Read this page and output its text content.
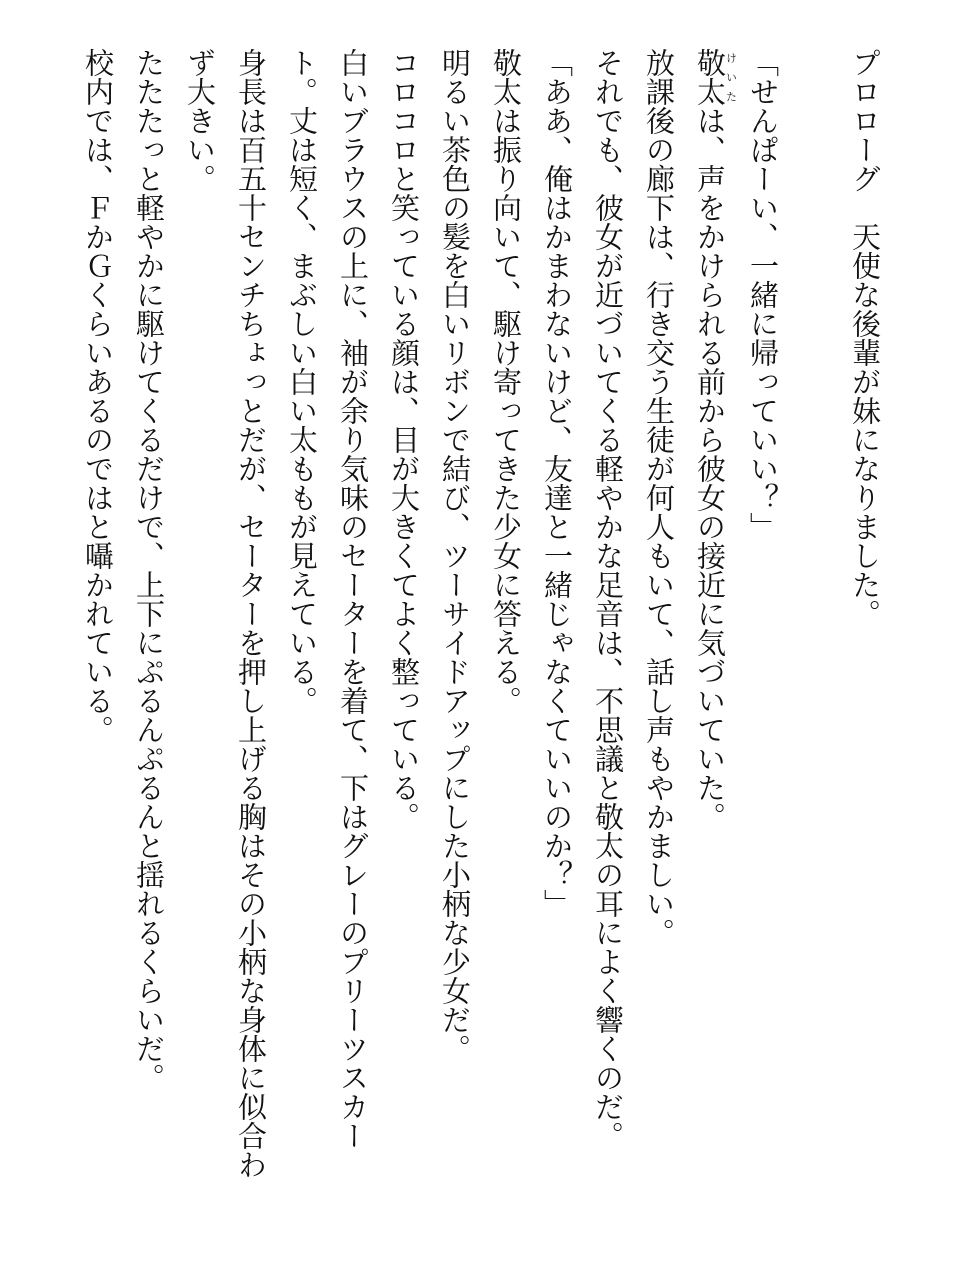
プロローグ　天使な後輩が妹になりました。
「せんぱーい、一緒に帰っていい？」
敬太けいたは、声をかけられる前から彼女の接近に気づいていた。
放課後の廊下は、行き交う生徒が何人もいて、話し声もやかましい。
それでも、彼女が近づいてくる軽やかな足音は、不思議と敬太の耳によく響くのだ。
「ああ、俺はかまわないけど、友達と一緒じゃなくていいのか？」
敬太は振り向いて、駆け寄ってきた少女に答える。
明るい茶色の髪を白いリボンで結び、ツーサイドアップにした小柄な少女だ。
コロコロと笑っている顔は、目が大きくてよく整っている。
白いブラウスの上に、袖が余り気味のセーターを着て、下はグレーのプリーツスカー
ト。丈は短く、まぶしい白い太ももが見えている。
身長は百五十センチちょっとだが、セーターを押し上げる胸はその小柄な身体に似合わ
ず大きい。
たたたっと軽やかに駆けてくるだけで、上下にぷるんぷるんと揺れるくらいだ。
校内では、ＦかＧくらいあるのではと囁かれている。
